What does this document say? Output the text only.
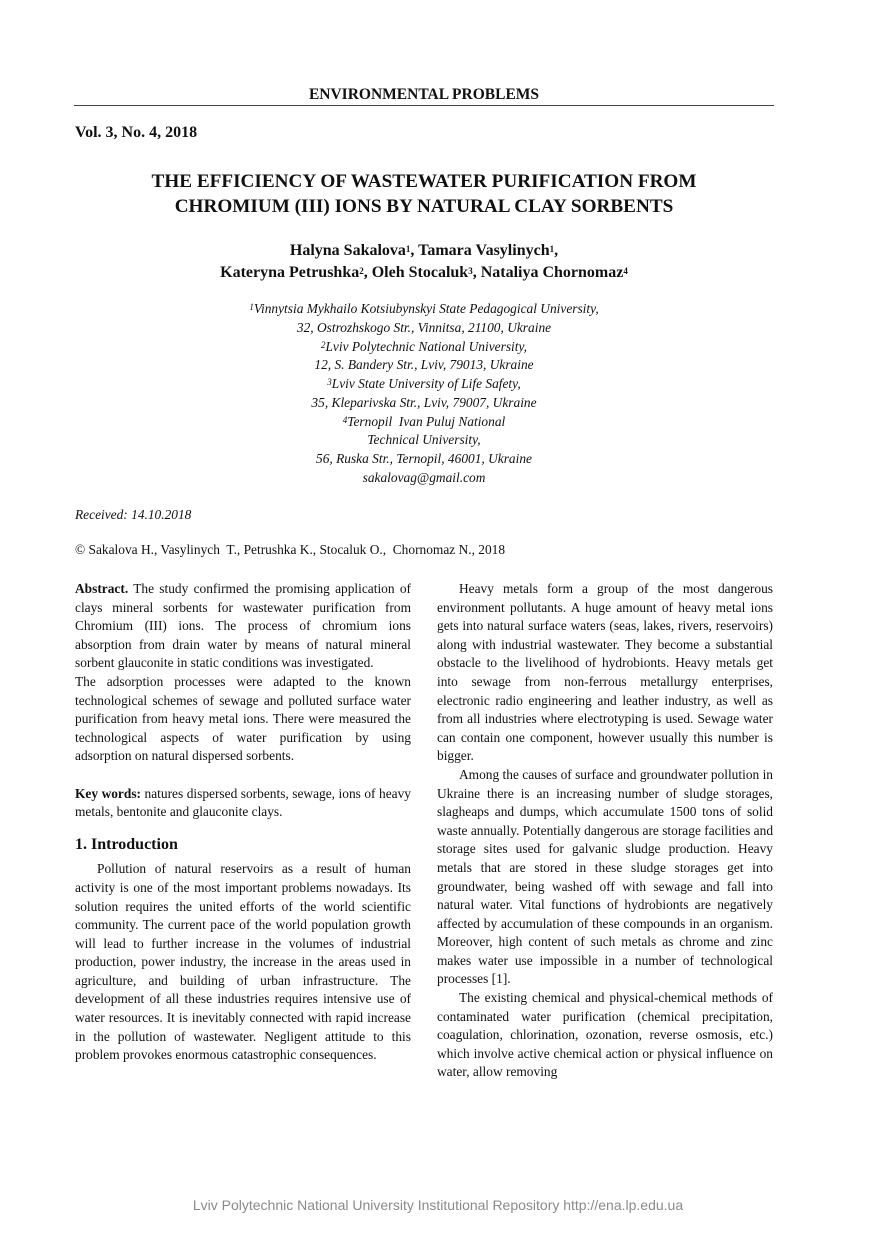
ENVIRONMENTAL PROBLEMS
Vol. 3, No. 4, 2018
THE EFFICIENCY OF WASTEWATER PURIFICATION FROM
CHROMIUM (III) IONS BY NATURAL CLAY SORBENTS
Halyna Sakalova$^1$, Tamara Vasylinych$^1$,
Kateryna Petrushka$^2$, Oleh Stocaluk$^3$, Nataliya Chornomaz$^4$
$^1$Vinnytsia Mykhailo Kotsiubynskyi State Pedagogical University,
32, Ostrozhskogo Str., Vinnitsa, 21100, Ukraine
$^2$Lviv Polytechnic National University,
12, S. Bandery Str., Lviv, 79013, Ukraine
$^3$Lviv State University of Life Safety,
35, Kleparivska Str., Lviv, 79007, Ukraine
$^4$Ternopil  Ivan Puluj National
Technical University,
56, Ruska Str., Ternopil, 46001, Ukraine
sakalovag@gmail.com
Received: 14.10.2018
© Sakalova H., Vasylinych  T., Petrushka K., Stocaluk O.,  Chornomaz N., 2018

Abstract. The study confirmed the promising application of clays mineral sorbents for wastewater purification from Chromium (III) ions. The process of chromium ions absorption from drain water by means of natural mineral sorbent glauconite in static conditions was investigated.

The adsorption processes were adapted to the known technological schemes of sewage and polluted surface water purification from heavy metal ions. There were measured the technological aspects of water purification by using adsorption on natural dispersed sorbents.

Key words: natures dispersed sorbents, sewage, ions of heavy metals, bentonite and glauconite clays.

1. Introduction

Pollution of natural reservoirs as a result of human activity is one of the most important problems nowadays. Its solution requires the united efforts of the world scientific community. The current pace of the world population growth will lead to further increase in the volumes of industrial production, power industry, the increase in the areas used in agriculture, and building of urban infrastructure. The development of all these industries requires intensive use of water resources. It is inevitably connected with rapid increase in the pollution of wastewater. Negligent attitude to this problem provokes enormous catastrophic consequences.

Heavy metals form a group of the most dangerous environment pollutants. A huge amount of heavy metal ions gets into natural surface waters (seas, lakes, rivers, reservoirs) along with industrial wastewater. They become a substantial obstacle to the livelihood of hydrobionts. Heavy metals get into sewage from non-ferrous metallurgy enterprises, electronic radio engineering and leather industry, as well as from all industries where electrotyping is used. Sewage water can contain one component, however usually this number is bigger.

Among the causes of surface and groundwater pollution in Ukraine there is an increasing number of sludge storages, slagheaps and dumps, which accumulate 1500 tons of solid waste annually. Potentially dangerous are storage facilities and storage sites used for galvanic sludge production. Heavy metals that are stored in these sludge storages get into groundwater, being washed off with sewage and fall into natural water. Vital functions of hydrobionts are negatively affected by accumulation of these compounds in an organism. Moreover, high content of such metals as chrome and zinc makes water use impossible in a number of technological processes [1].

The existing chemical and physical-chemical methods of contaminated water purification (chemical precipitation, coagulation, chlorination, ozonation, reverse osmosis, etc.) which involve active chemical action or physical influence on water, allow removing

Lviv Polytechnic National University Institutional Repository http://ena.lp.edu.ua
